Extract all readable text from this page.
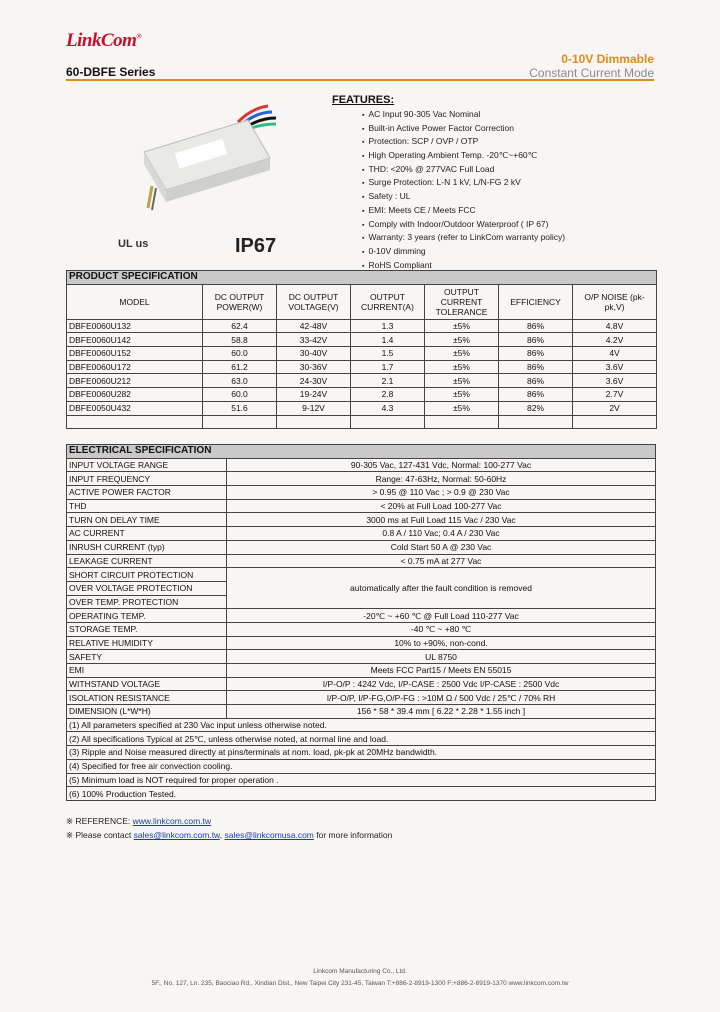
LinkCom®
60-DBFE Series
0-10V Dimmable
Constant Current Mode
UL us	IP67
FEATURES:
▪ AC Input 90-305 Vac Nominal
▪ Built-in Active Power Factor Correction
▪ Protection: SCP / OVP / OTP
▪ High Operating Ambient Temp. -20℃~+60℃
▪ THD: <20% @ 277VAC Full Load
▪ Surge Protection: L-N 1 kV, L/N-FG 2 kV
▪ Safety : UL
▪ EMI: Meets CE / Meets FCC
▪ Comply with Indoor/Outdoor Waterproof ( IP 67)
▪ Warranty: 3 years (refer to LinkCom warranty policy)
▪ 0-10V dimming
▪ RoHS Compliant
PRODUCT SPECIFICATION						
MODEL	DC OUTPUT POWER(W)	DC OUTPUT VOLTAGE(V)	OUTPUT CURRENT(A)	OUTPUT CURRENT TOLERANCE	EFFICIENCY	O/P NOISE (pk-pk,V)
DBFE0060U132	62.4	42-48V	1.3	±5%	86%	4.8V
DBFE0060U142	58.8	33-42V	1.4	±5%	86%	4.2V
DBFE0060U152	60.0	30-40V	1.5	±5%	86%	4V
DBFE0060U172	61.2	30-36V	1.7	±5%	86%	3.6V
DBFE0060U212	63.0	24-30V	2.1	±5%	86%	3.6V
DBFE0060U282	60.0	19-24V	2.8	±5%	86%	2.7V
DBFE0050U432	51.6	9-12V	4.3	±5%	82%	2V

ELECTRICAL SPECIFICATION	
INPUT VOLTAGE RANGE	90-305 Vac, 127-431 Vdc, Normal: 100-277 Vac
INPUT FREQUENCY	Range: 47-63Hz, Normal: 50-60Hz
ACTIVE POWER FACTOR	> 0.95 @ 110 Vac ; > 0.9 @ 230 Vac
THD	< 20% at Full Load 100-277 Vac
TURN ON DELAY TIME	3000 ms at Full Load 115 Vac / 230 Vac
AC CURRENT	0.8 A / 110 Vac; 0.4 A / 230 Vac
INRUSH CURRENT (typ)	Cold Start 50 A @ 230 Vac
LEAKAGE CURRENT	< 0.75 mA at 277 Vac
SHORT CIRCUIT PROTECTION	automatically after the fault condition is removed
OVER VOLTAGE PROTECTION	
OVER TEMP. PROTECTION	
OPERATING TEMP.	-20℃ ~ +60 ℃ @ Full Load 110-277 Vac
STORAGE TEMP.	-40 ℃ ~ +80 ℃
RELATIVE HUMIDITY	10% to +90%, non-cond.
SAFETY	UL 8750
EMI	Meets FCC Part15 / Meets EN 55015
WITHSTAND VOLTAGE	I/P-O/P : 4242 Vdc, I/P-CASE : 2500 Vdc I/P-CASE : 2500 Vdc
ISOLATION RESISTANCE	I/P-O/P, I/P-FG,O/P-FG : >10M Ω / 500 Vdc / 25℃ / 70% RH
DIMENSION (L*W*H)	156 * 58 * 39.4 mm [ 6.22 * 2.28 * 1.55 inch ]
(1) All parameters specified at 230 Vac input unless otherwise noted.	
(2) All specifications Typical at 25℃, unless otherwise noted, at normal line and load.	
(3) Ripple and Noise measured directly at pins/terminals at nom. load, pk-pk at 20MHz bandwidth.	
(4) Specified for free air convection cooling.	
(5) Minimum load is NOT required for proper operation .	
(6) 100% Production Tested.	
※ REFERENCE: www.linkcom.com.tw
※ Please contact sales@linkcom.com.tw, sales@linkcomusa.com for more information
Linkcom Manufacturing Co., Ltd.
5F., No. 127, Ln. 235, Baociao Rd., Xindian Dist., New Taipei City 231-45, Taiwan T:+886-2-8919-1300 F:+886-2-8919-1370 www.linkcom.com.tw
